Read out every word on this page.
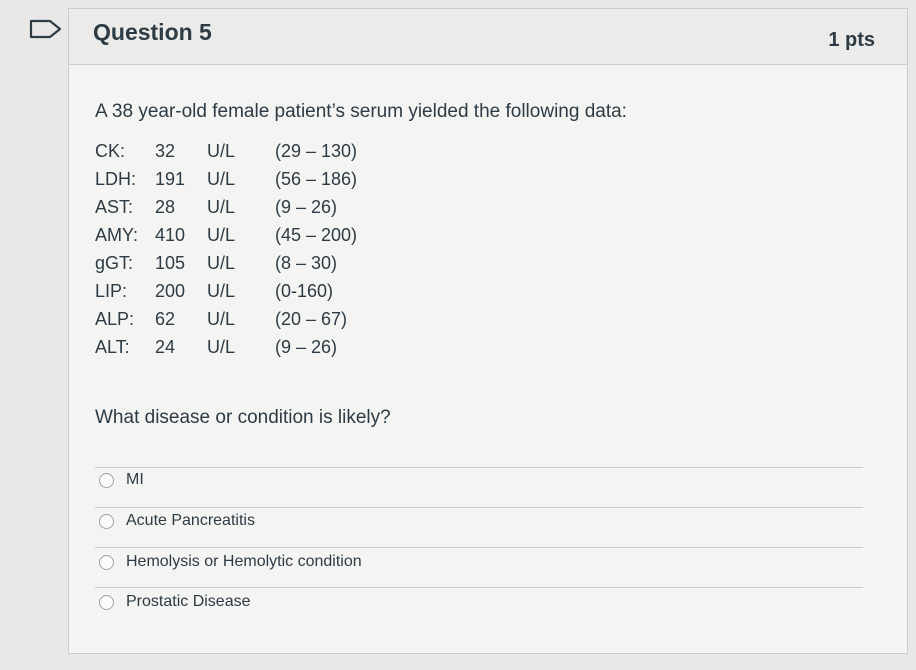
Question 5	1 pts
A 38 year-old female patient’s serum yielded the following data:
CK:	32	U/L	(29 – 130)
LDH:	191	U/L	(56 – 186)
AST:	28	U/L	(9 – 26)
AMY:	410	U/L	(45 – 200)
gGT:	105	U/L	(8 – 30)
LIP:	200	U/L	(0-160)
ALP:	62	U/L	(20 – 67)
ALT:	24	U/L	(9 – 26)
What disease or condition is likely?
MI
Acute Pancreatitis
Hemolysis or Hemolytic condition
Prostatic Disease
